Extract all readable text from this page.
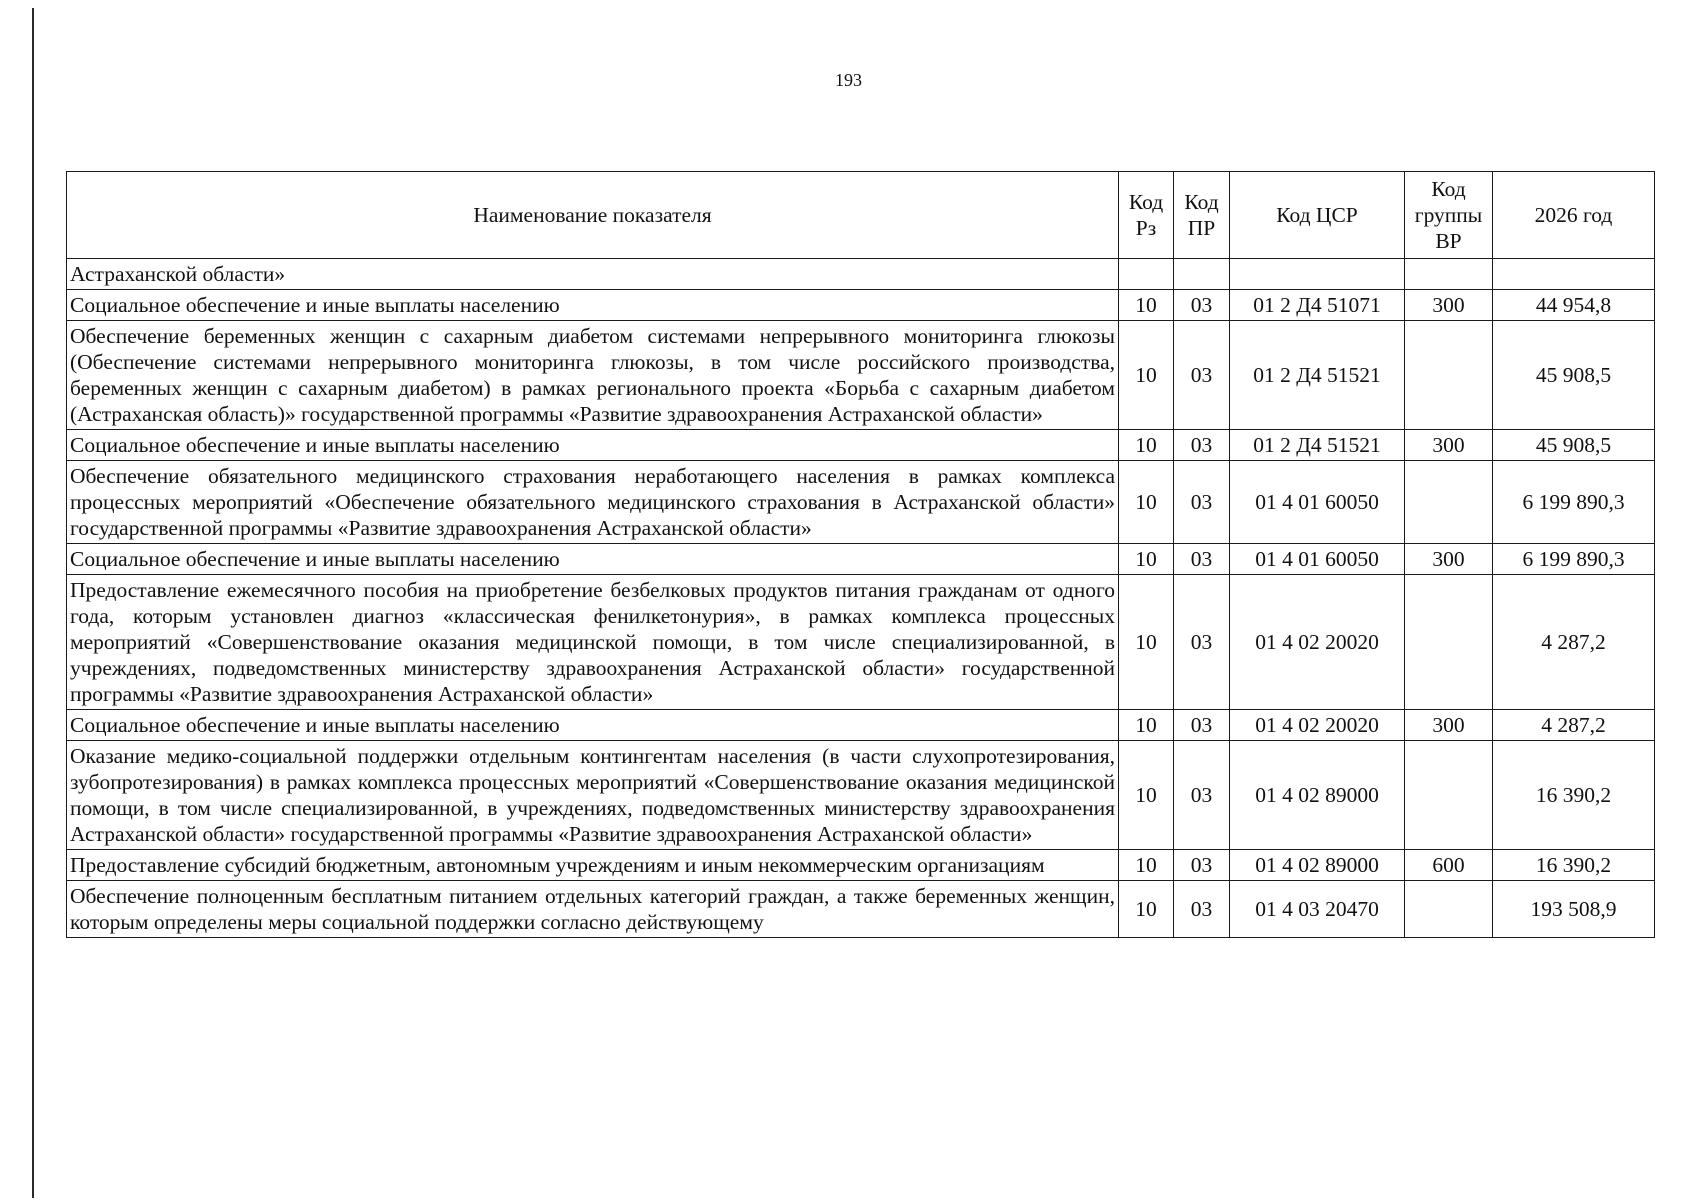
193
Наименование показателя	Код Рз	Код ПР	Код ЦСР	Код группы ВР	2026 год
Астраханской области»					
Социальное обеспечение и иные выплаты населению	10	03	01 2 Д4 51071	300	44 954,8
Обеспечение беременных женщин с сахарным диабетом системами непрерывного мониторинга глюкозы (Обеспечение системами непрерывного мониторинга глюкозы, в том числе российского производства, беременных женщин с сахарным диабетом) в рамках регионального проекта «Борьба с сахарным диабетом (Астраханская область)» государственной программы «Развитие здравоохранения Астраханской области»	10	03	01 2 Д4 51521		45 908,5
Социальное обеспечение и иные выплаты населению	10	03	01 2 Д4 51521	300	45 908,5
Обеспечение обязательного медицинского страхования неработающего населения в рамках комплекса процессных мероприятий «Обеспечение обязательного медицинского страхования в Астраханской области» государственной программы «Развитие здравоохранения Астраханской области»	10	03	01 4 01 60050		6 199 890,3
Социальное обеспечение и иные выплаты населению	10	03	01 4 01 60050	300	6 199 890,3
Предоставление ежемесячного пособия на приобретение безбелковых продуктов питания гражданам от одного года, которым установлен диагноз «классическая фенилкетонурия», в рамках комплекса процессных мероприятий «Совершенствование оказания медицинской помощи, в том числе специализированной, в учреждениях, подведомственных министерству здравоохранения Астраханской области» государственной программы «Развитие здравоохранения Астраханской области»	10	03	01 4 02 20020		4 287,2
Социальное обеспечение и иные выплаты населению	10	03	01 4 02 20020	300	4 287,2
Оказание медико-социальной поддержки отдельным контингентам населения (в части слухопротезирования, зубопротезирования) в рамках комплекса процессных мероприятий «Совершенствование оказания медицинской помощи, в том числе специализированной, в учреждениях, подведомственных министерству здравоохранения Астраханской области» государственной программы «Развитие здравоохранения Астраханской области»	10	03	01 4 02 89000		16 390,2
Предоставление субсидий бюджетным, автономным учреждениям и иным некоммерческим организациям	10	03	01 4 02 89000	600	16 390,2
Обеспечение полноценным бесплатным питанием отдельных категорий граждан, а также беременных женщин, которым определены меры социальной поддержки согласно действующему	10	03	01 4 03 20470		193 508,9
